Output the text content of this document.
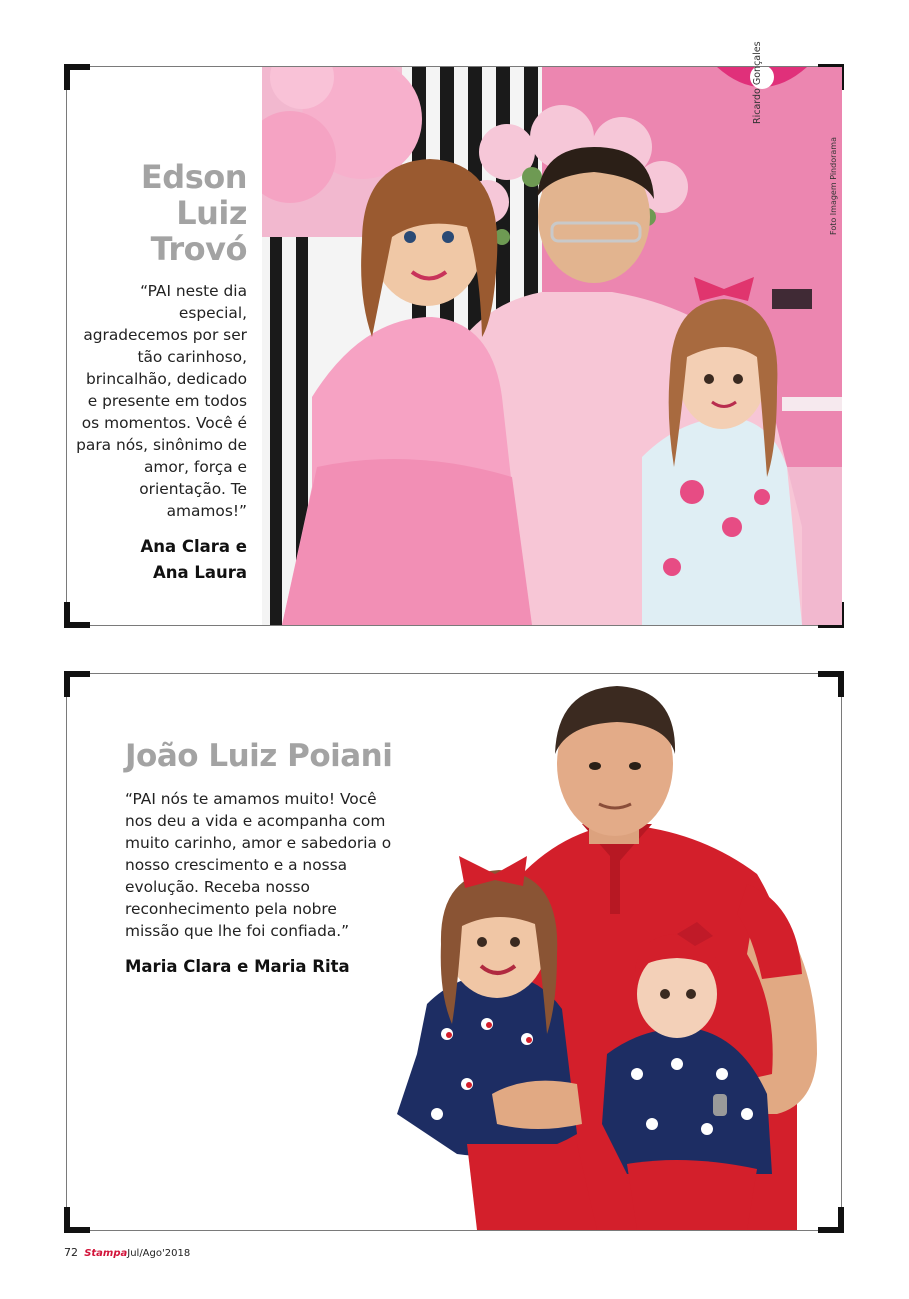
Edson
Luiz Trovó

“PAI neste dia especial, agradecemos por ser tão carinhoso, brincalhão, dedicado e presente em todos os momentos. Você é para nós, sinônimo de amor, força e orientação. Te amamos!”

Ana Clara e
Ana Laura
Foto Imagem Pindorama

João Luiz Poiani

“PAI nós te amamos muito! Você nos deu a vida e acompanha com muito carinho, amor e sabedoria o nosso crescimento e a nossa evolução. Receba nosso reconhecimento pela nobre missão que lhe foi confiada.”

Maria Clara e Maria Rita
Ricardo Gonçales
72 StampaJul/Ago'2018
